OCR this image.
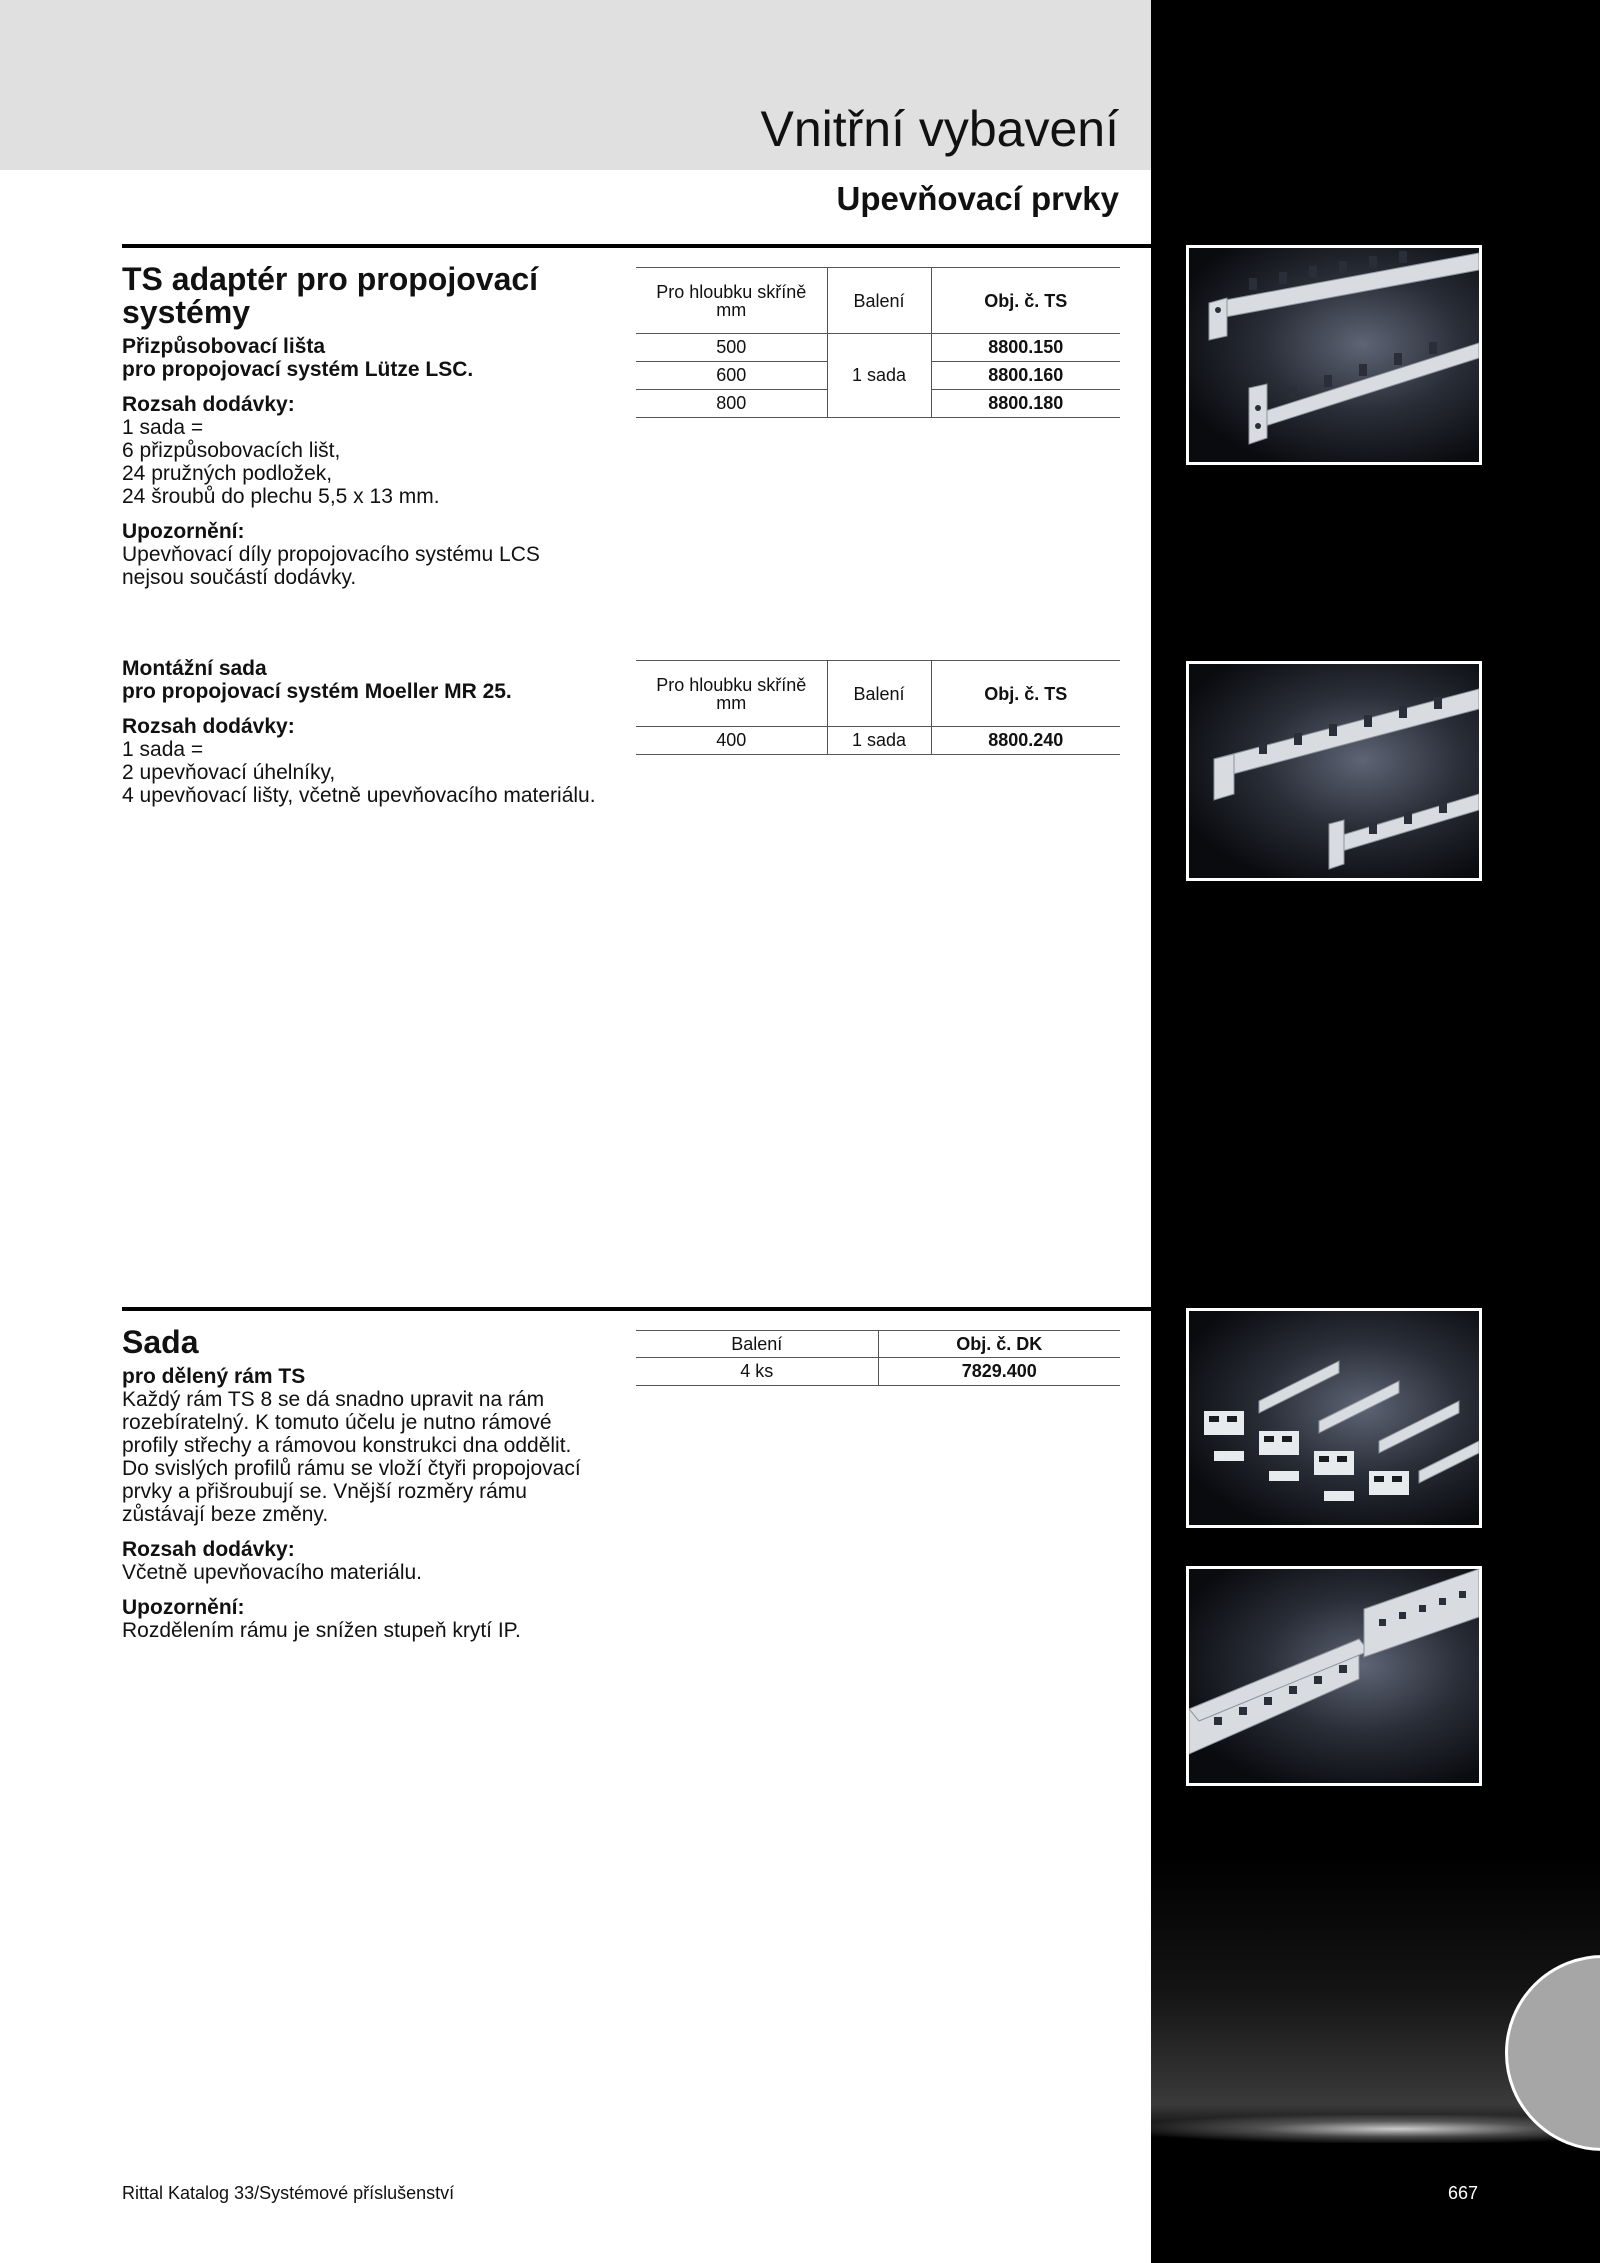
Vnitřní vybavení
Upevňovací prvky
TS adaptér pro propojovací systémy
Přizpůsobovací lišta
pro propojovací systém Lütze LSC.
Rozsah dodávky:
1 sada =
6 přizpůsobovacích lišt,
24 pružných podložek,
24 šroubů do plechu 5,5 x 13 mm.
Upozornění:
Upevňovací díly propojovacího systému LCS
nejsou součástí dodávky.
Pro hloubku skříně mm	Balení	Obj. č. TS
500	1 sada	8800.150
600		8800.160
800		8800.180
Montážní sada
pro propojovací systém Moeller MR 25.
Rozsah dodávky:
1 sada =
2 upevňovací úhelníky,
4 upevňovací lišty, včetně upevňovacího materiálu.
Pro hloubku skříně mm	Balení	Obj. č. TS
400	1 sada	8800.240
Sada
pro dělený rám TS
Každý rám TS 8 se dá snadno upravit na rám
rozebíratelný. K tomuto účelu je nutno rámové
profily střechy a rámovou konstrukci dna oddělit.
Do svislých profilů rámu se vloží čtyři propojovací
prvky a přišroubují se. Vnější rozměry rámu
zůstávají beze změny.
Rozsah dodávky:
Včetně upevňovacího materiálu.
Upozornění:
Rozdělením rámu je snížen stupeň krytí IP.
Balení	Obj. č. DK
4 ks	7829.400
Rittal Katalog 33/Systémové příslušenství	667
